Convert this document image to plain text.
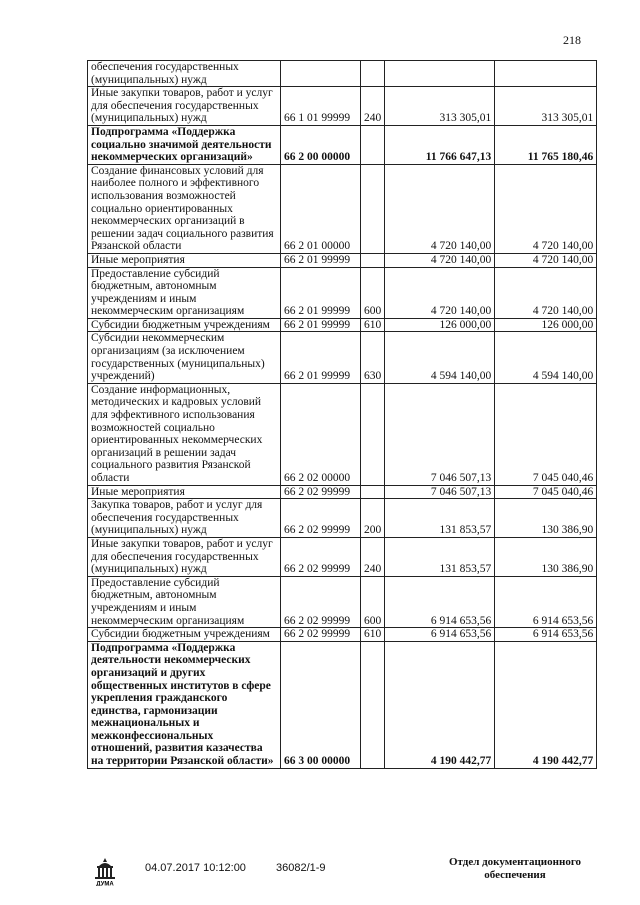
218
обеспечения государственных (муниципальных) нужд				
Иные закупки товаров, работ и услуг для обеспечения государственных (муниципальных) нужд	66 1 01 99999	240	313 305,01	313 305,01
Подпрограмма «Поддержка социально значимой деятельности некоммерческих организаций»	66 2 00 00000		11 766 647,13	11 765 180,46
Создание финансовых условий для наиболее полного и эффективного использования возможностей социально ориентированных некоммерческих организаций в решении задач социального развития Рязанской области	66 2 01 00000		4 720 140,00	4 720 140,00
Иные мероприятия	66 2 01 99999		4 720 140,00	4 720 140,00
Предоставление субсидий бюджетным, автономным учреждениям и иным некоммерческим организациям	66 2 01 99999	600	4 720 140,00	4 720 140,00
Субсидии бюджетным учреждениям	66 2 01 99999	610	126 000,00	126 000,00
Субсидии некоммерческим организациям (за исключением государственных (муниципальных) учреждений)	66 2 01 99999	630	4 594 140,00	4 594 140,00
Создание информационных, методических и кадровых условий для эффективного использования возможностей социально ориентированных некоммерческих организаций в решении задач социального развития Рязанской области	66 2 02 00000		7 046 507,13	7 045 040,46
Иные мероприятия	66 2 02 99999		7 046 507,13	7 045 040,46
Закупка товаров, работ и услуг для обеспечения государственных (муниципальных) нужд	66 2 02 99999	200	131 853,57	130 386,90
Иные закупки товаров, работ и услуг для обеспечения государственных (муниципальных) нужд	66 2 02 99999	240	131 853,57	130 386,90
Предоставление субсидий бюджетным, автономным учреждениям и иным некоммерческим организациям	66 2 02 99999	600	6 914 653,56	6 914 653,56
Субсидии бюджетным учреждениям	66 2 02 99999	610	6 914 653,56	6 914 653,56
Подпрограмма «Поддержка деятельности некоммерческих организаций и других общественных институтов в сфере укрепления гражданского единства, гармонизации межнациональных и межконфессиональных отношений, развития казачества на территории Рязанской области»	66 3 00 00000		4 190 442,77	4 190 442,77
ДУМА
04.07.2017 10:12:00	36082/1-9	Отдел документационного обеспечения
